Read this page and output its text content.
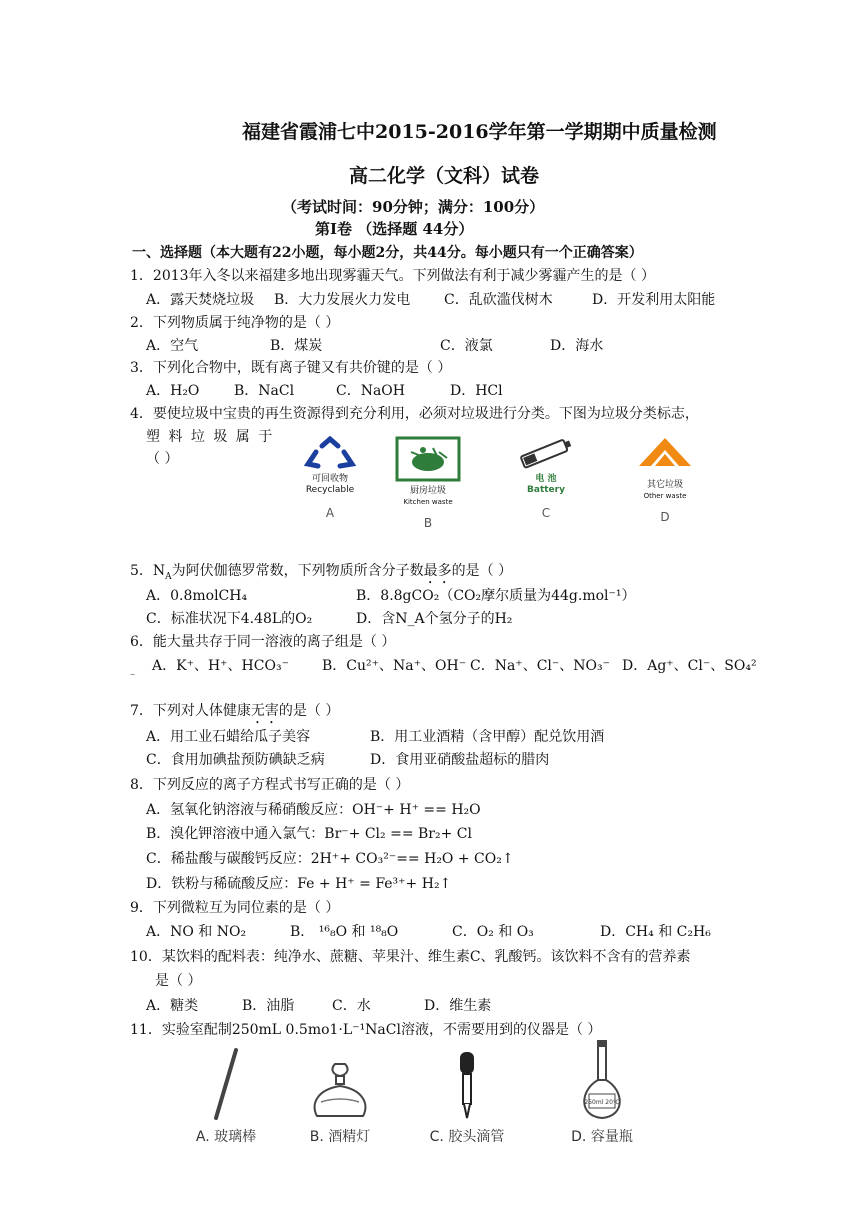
福建省霞浦七中2015-2016学年第一学期期中质量检测
高二化学（文科）试卷
（考试时间：90分钟；满分：100分）
第I卷 （选择题 44分）
一、选择题（本大题有22小题，每小题2分，共44分。每小题只有一个正确答案）
1．2013年入冬以来福建多地出现雾霾天气。下列做法有利于减少雾霾产生的是（ ）
A．露天焚烧垃圾	B．大力发展火力发电	C．乱砍滥伐树木	D．开发利用太阳能
2．下列物质属于纯净物的是（ ）
A．空气	B．煤炭	C．液氯	D．海水
3．下列化合物中，既有离子键又有共价键的是（ ）
A．H₂O	B．NaCl	C．NaOH	D．HCl
4．要使垃圾中宝贵的再生资源得到充分利用，必须对垃圾进行分类。下图为垃圾分类标志，
塑 料 垃 圾 属 于
（ ）
可回收物
Recyclable
A
厨房垃圾
Kitchen waste
B
电 池
Battery
C
其它垃圾
Other waste
D
5．$N_A$为阿伏伽德罗常数，下列物质所含分子数最多的是（ ）
A．0.8molCH₄	B．8.8gCO₂（CO₂摩尔质量为44g.mol⁻¹）
C．标准状况下4.48L的O₂	D．含N_A个氢分子的H₂
6．能大量共存于同一溶液的离子组是（ ）
A．K⁺、H⁺、HCO₃⁻	B．Cu²⁺、Na⁺、OH⁻ C．Na⁺、Cl⁻、NO₃⁻ D．Ag⁺、Cl⁻、SO₄²
⁻
7．下列对人体健康无害的是（ ）
A．用工业石蜡给瓜子美容	B．用工业酒精（含甲醇）配兑饮用酒
C．食用加碘盐预防碘缺乏病	D．食用亚硝酸盐超标的腊肉
8．下列反应的离子方程式书写正确的是（ ）
A．氢氧化钠溶液与稀硝酸反应：OH⁻+ H⁺ == H₂O
B．溴化钾溶液中通入氯气：Br⁻+ Cl₂ == Br₂+ Cl
C．稀盐酸与碳酸钙反应：2H⁺+ CO₃²⁻== H₂O + CO₂↑
D．铁粉与稀硫酸反应：Fe + H⁺ = Fe³⁺+ H₂↑
9．下列微粒互为同位素的是（ ）
A．NO 和 NO₂	B． ¹⁶₈O 和 ¹⁸₈O	C．O₂ 和 O₃	D．CH₄ 和 C₂H₆
10．某饮料的配料表：纯净水、蔗糖、苹果汁、维生素C、乳酸钙。该饮料不含有的营养素
是（ ）
A．糖类	B．油脂	C．水	D．维生素
11．实验室配制250mL 0.5mo1·L⁻¹NaCl溶液，不需要用到的仪器是（ ）
A. 玻璃棒	B. 酒精灯	C. 胶头滴管
250ml 20℃
D. 容量瓶
